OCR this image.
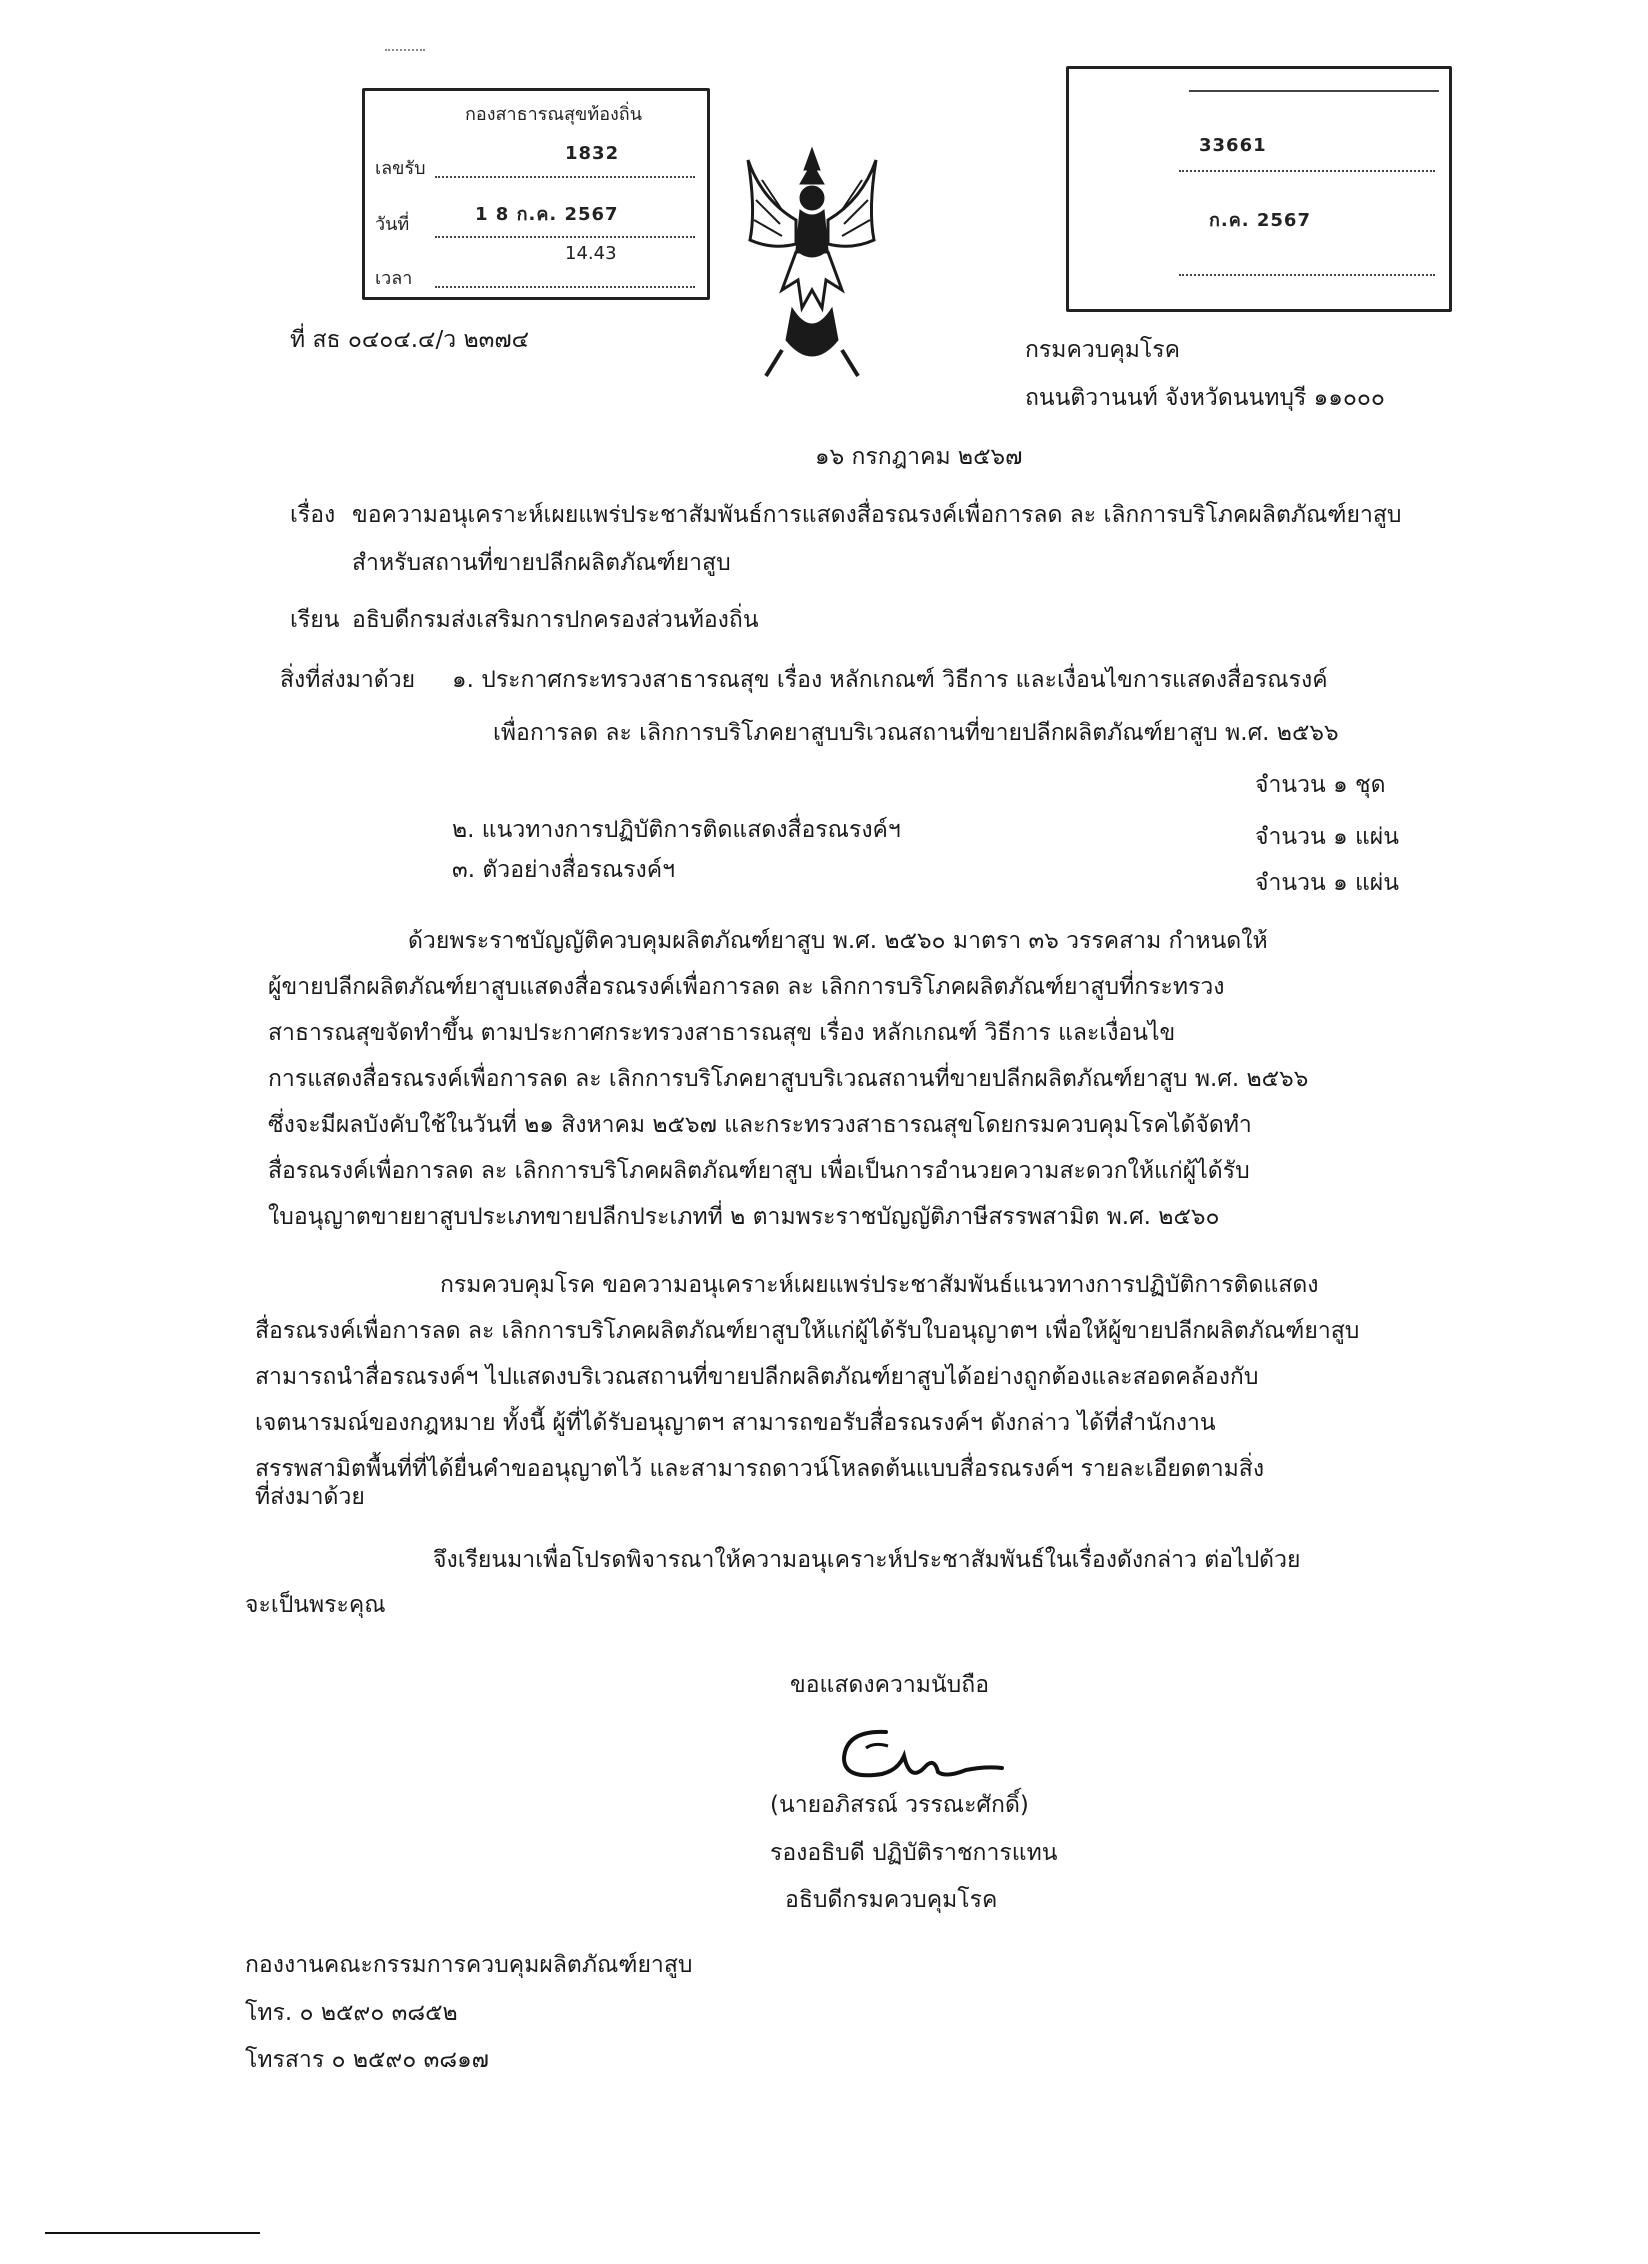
กองสาธารณสุขท้องถิ่น
เลขรับ
1832
วันที่	1 8 ก.ค. 2567
เวลา
14.43
33661
ก.ค. 2567
ที่ สธ ๐๔๐๔.๔/ว ๒๓๗๔	กรมควบคุมโรค
ถนนติวานนท์ จังหวัดนนทบุรี ๑๑๐๐๐
๑๖ กรกฎาคม ๒๕๖๗
เรื่อง ขอความอนุเคราะห์เผยแพร่ประชาสัมพันธ์การแสดงสื่อรณรงค์เพื่อการลด ละ เลิกการบริโภคผลิตภัณฑ์ยาสูบ
สำหรับสถานที่ขายปลีกผลิตภัณฑ์ยาสูบ
เรียน อธิบดีกรมส่งเสริมการปกครองส่วนท้องถิ่น
สิ่งที่ส่งมาด้วย ๑. ประกาศกระทรวงสาธารณสุข เรื่อง หลักเกณฑ์ วิธีการ และเงื่อนไขการแสดงสื่อรณรงค์
เพื่อการลด ละ เลิกการบริโภคยาสูบบริเวณสถานที่ขายปลีกผลิตภัณฑ์ยาสูบ พ.ศ. ๒๕๖๖
จำนวน ๑ ชุด
๒. แนวทางการปฏิบัติการติดแสดงสื่อรณรงค์ฯ	จำนวน ๑ แผ่น
๓. ตัวอย่างสื่อรณรงค์ฯ	จำนวน ๑ แผ่น
ด้วยพระราชบัญญัติควบคุมผลิตภัณฑ์ยาสูบ พ.ศ. ๒๕๖๐ มาตรา ๓๖ วรรคสาม กำหนดให้
ผู้ขายปลีกผลิตภัณฑ์ยาสูบแสดงสื่อรณรงค์เพื่อการลด ละ เลิกการบริโภคผลิตภัณฑ์ยาสูบที่กระทรวง
สาธารณสุขจัดทำขึ้น ตามประกาศกระทรวงสาธารณสุข เรื่อง หลักเกณฑ์ วิธีการ และเงื่อนไข
การแสดงสื่อรณรงค์เพื่อการลด ละ เลิกการบริโภคยาสูบบริเวณสถานที่ขายปลีกผลิตภัณฑ์ยาสูบ พ.ศ. ๒๕๖๖
ซึ่งจะมีผลบังคับใช้ในวันที่ ๒๑ สิงหาคม ๒๕๖๗ และกระทรวงสาธารณสุขโดยกรมควบคุมโรคได้จัดทำ
สื่อรณรงค์เพื่อการลด ละ เลิกการบริโภคผลิตภัณฑ์ยาสูบ เพื่อเป็นการอำนวยความสะดวกให้แก่ผู้ได้รับ
ใบอนุญาตขายยาสูบประเภทขายปลีกประเภทที่ ๒ ตามพระราชบัญญัติภาษีสรรพสามิต พ.ศ. ๒๕๖๐
กรมควบคุมโรค ขอความอนุเคราะห์เผยแพร่ประชาสัมพันธ์แนวทางการปฏิบัติการติดแสดง
สื่อรณรงค์เพื่อการลด ละ เลิกการบริโภคผลิตภัณฑ์ยาสูบให้แก่ผู้ได้รับใบอนุญาตฯ เพื่อให้ผู้ขายปลีกผลิตภัณฑ์ยาสูบ
สามารถนำสื่อรณรงค์ฯ ไปแสดงบริเวณสถานที่ขายปลีกผลิตภัณฑ์ยาสูบได้อย่างถูกต้องและสอดคล้องกับ
เจตนารมณ์ของกฎหมาย ทั้งนี้ ผู้ที่ได้รับอนุญาตฯ สามารถขอรับสื่อรณรงค์ฯ ดังกล่าว ได้ที่สำนักงาน
สรรพสามิตพื้นที่ที่ได้ยื่นคำขออนุญาตไว้ และสามารถดาวน์โหลดต้นแบบสื่อรณรงค์ฯ รายละเอียดตามสิ่ง
ที่ส่งมาด้วย
จึงเรียนมาเพื่อโปรดพิจารณาให้ความอนุเคราะห์ประชาสัมพันธ์ในเรื่องดังกล่าว ต่อไปด้วย
จะเป็นพระคุณ
ขอแสดงความนับถือ
(นายอภิสรณ์ วรรณะศักดิ์)
รองอธิบดี ปฏิบัติราชการแทน
อธิบดีกรมควบคุมโรค
กองงานคณะกรรมการควบคุมผลิตภัณฑ์ยาสูบ
โทร. ๐ ๒๕๙๐ ๓๘๕๒
โทรสาร ๐ ๒๕๙๐ ๓๘๑๗
